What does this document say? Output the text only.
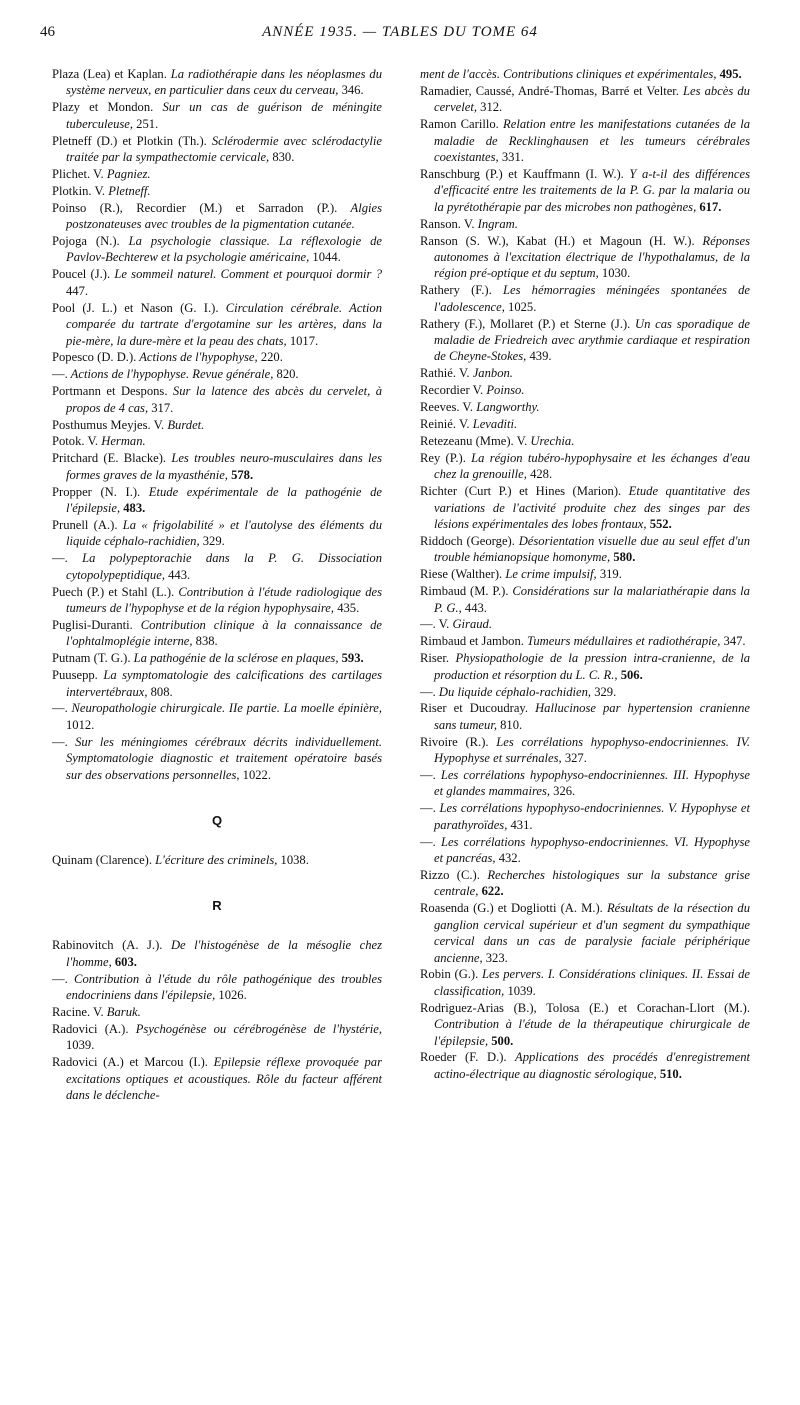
46	ANNÉE 1935. — TABLES DU TOME 64

Plaza (Lea) et Kaplan. La radiothérapie dans les néoplasmes du système nerveux, en particulier dans ceux du cerveau, 346.

Plazy et Mondon. Sur un cas de guérison de méningite tuberculeuse, 251.

Pletneff (D.) et Plotkin (Th.). Sclérodermie avec sclérodactylie traitée par la sympathectomie cervicale, 830.

Plichet. V. Pagniez.

Plotkin. V. Pletneff.

Poinso (R.), Recordier (M.) et Sarradon (P.). Algies postzonateuses avec troubles de la pigmentation cutanée.

Pojoga (N.). La psychologie classique. La réflexologie de Pavlov-Bechterew et la psychologie américaine, 1044.

Poucel (J.). Le sommeil naturel. Comment et pourquoi dormir ? 447.

Pool (J. L.) et Nason (G. I.). Circulation cérébrale. Action comparée du tartrate d'ergotamine sur les artères, dans la pie-mère, la dure-mère et la peau des chats, 1017.

Popesco (D. D.). Actions de l'hypophyse, 220.

—. Actions de l'hypophyse. Revue générale, 820.

Portmann et Despons. Sur la latence des abcès du cervelet, à propos de 4 cas, 317.

Posthumus Meyjes. V. Burdet.

Potok. V. Herman.

Pritchard (E. Blacke). Les troubles neuro-musculaires dans les formes graves de la myasthénie, 578.

Propper (N. I.). Etude expérimentale de la pathogénie de l'épilepsie, 483.

Prunell (A.). La « frigolabilité » et l'autolyse des éléments du liquide céphalo-rachidien, 329.

—. La polypeptorachie dans la P. G. Dissociation cytopolypeptidique, 443.

Puech (P.) et Stahl (L.). Contribution à l'étude radiologique des tumeurs de l'hypophyse et de la région hypophysaire, 435.

Puglisi-Duranti. Contribution clinique à la connaissance de l'ophtalmoplégie interne, 838.

Putnam (T. G.). La pathogénie de la sclérose en plaques, 593.

Puusepp. La symptomatologie des calcifications des cartilages intervertébraux, 808.

—. Neuropathologie chirurgicale. IIe partie. La moelle épinière, 1012.

—. Sur les méningiomes cérébraux décrits individuellement. Symptomatologie diagnostic et traitement opératoire basés sur des observations personnelles, 1022.

Q

Quinam (Clarence). L'écriture des criminels, 1038.

R

Rabinovitch (A. J.). De l'histogénèse de la mésoglie chez l'homme, 603.

—. Contribution à l'étude du rôle pathogénique des troubles endocriniens dans l'épilepsie, 1026.

Racine. V. Baruk.

Radovici (A.). Psychogénèse ou cérébrogénèse de l'hystérie, 1039.

Radovici (A.) et Marcou (I.). Epilepsie réflexe provoquée par excitations optiques et acoustiques. Rôle du facteur afférent dans le déclenche-

ment de l'accès. Contributions cliniques et expérimentales, 495.

Ramadier, Caussé, André-Thomas, Barré et Velter. Les abcès du cervelet, 312.

Ramon Carillo. Relation entre les manifestations cutanées de la maladie de Recklinghausen et les tumeurs cérébrales coexistantes, 331.

Ranschburg (P.) et Kauffmann (I. W.). Y a-t-il des différences d'efficacité entre les traitements de la P. G. par la malaria ou la pyrétothérapie par des microbes non pathogènes, 617.

Ranson. V. Ingram.

Ranson (S. W.), Kabat (H.) et Magoun (H. W.). Réponses autonomes à l'excitation électrique de l'hypothalamus, de la région pré-optique et du septum, 1030.

Rathery (F.). Les hémorragies méningées spontanées de l'adolescence, 1025.

Rathery (F.), Mollaret (P.) et Sterne (J.). Un cas sporadique de maladie de Friedreich avec arythmie cardiaque et respiration de Cheyne-Stokes, 439.

Rathié. V. Janbon.

Recordier V. Poinso.

Reeves. V. Langworthy.

Reinié. V. Levaditi.

Retezeanu (Mme). V. Urechia.

Rey (P.). La région tubéro-hypophysaire et les échanges d'eau chez la grenouille, 428.

Richter (Curt P.) et Hines (Marion). Etude quantitative des variations de l'activité produite chez des singes par des lésions expérimentales des lobes frontaux, 552.

Riddoch (George). Désorientation visuelle due au seul effet d'un trouble hémianopsique homonyme, 580.

Riese (Walther). Le crime impulsif, 319.

Rimbaud (M. P.). Considérations sur la malariathérapie dans la P. G., 443.

—. V. Giraud.

Rimbaud et Jambon. Tumeurs médullaires et radiothérapie, 347.

Riser. Physiopathologie de la pression intra-cranienne, de la production et résorption du L. C. R., 506.

—. Du liquide céphalo-rachidien, 329.

Riser et Ducoudray. Hallucinose par hypertension cranienne sans tumeur, 810.

Rivoire (R.). Les corrélations hypophyso-endocriniennes. IV. Hypophyse et surrénales, 327.

—. Les corrélations hypophyso-endocriniennes. III. Hypophyse et glandes mammaires, 326.

—. Les corrélations hypophyso-endocriniennes. V. Hypophyse et parathyroïdes, 431.

—. Les corrélations hypophyso-endocriniennes. VI. Hypophyse et pancréas, 432.

Rizzo (C.). Recherches histologiques sur la substance grise centrale, 622.

Roasenda (G.) et Dogliotti (A. M.). Résultats de la résection du ganglion cervical supérieur et d'un segment du sympathique cervical dans un cas de paralysie faciale périphérique ancienne, 323.

Robin (G.). Les pervers. I. Considérations cliniques. II. Essai de classification, 1039.

Rodriguez-Arias (B.), Tolosa (E.) et Corachan-Llort (M.). Contribution à l'étude de la thérapeutique chirurgicale de l'épilepsie, 500.

Roeder (F. D.). Applications des procédés d'enregistrement actino-électrique au diagnostic sérologique, 510.
